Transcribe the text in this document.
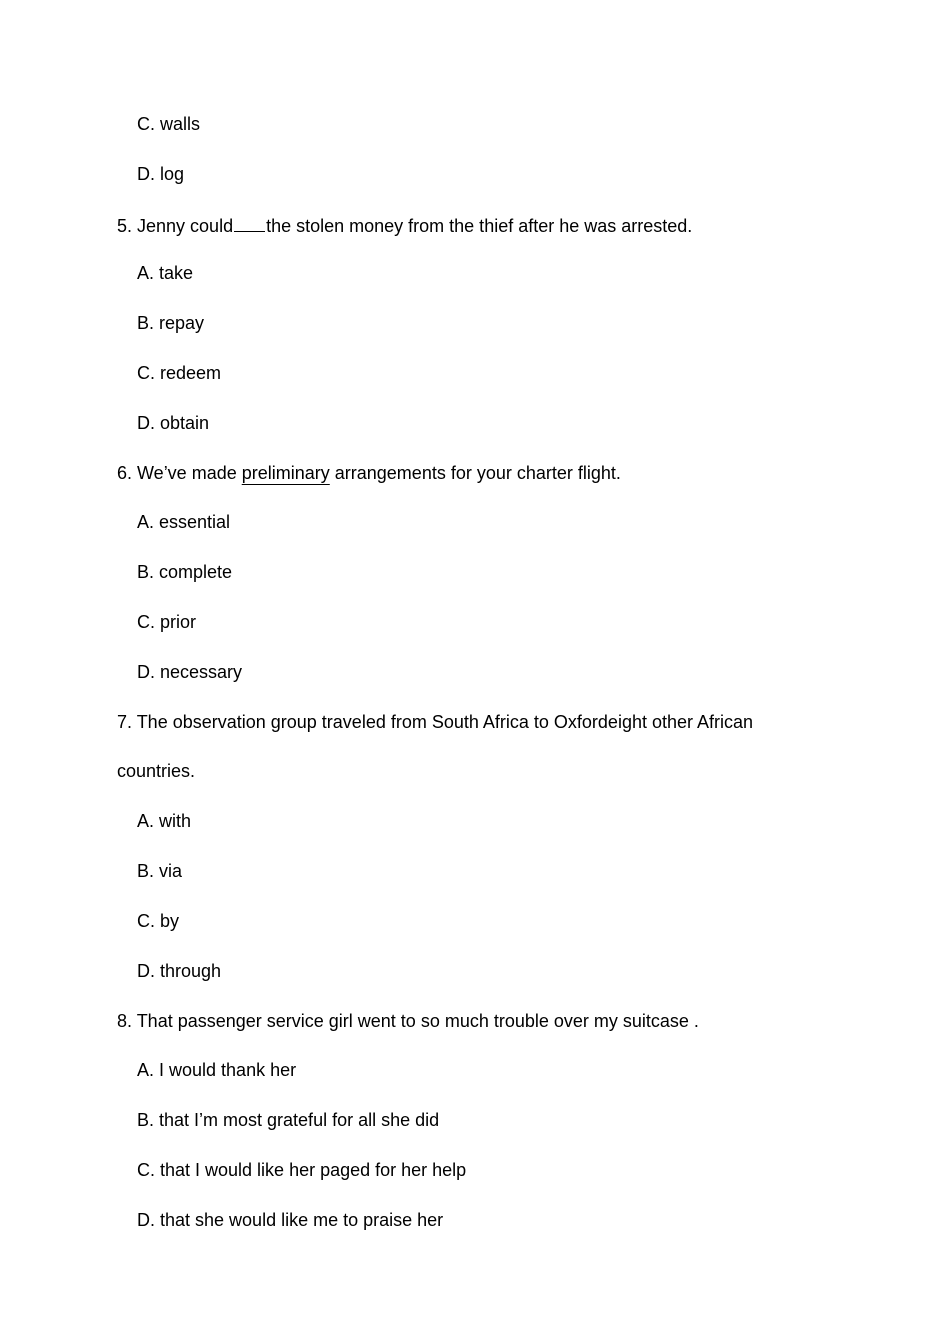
C. walls
D. log
5. Jenny could the stolen money from the thief after he was arrested.
A. take
B. repay
C. redeem
D. obtain
6. We’ve made preliminary arrangements for your charter flight.
A. essential
B. complete
C. prior
D. necessary
7. The observation group traveled from South Africa to Oxfordeight other African
countries.
A. with
B. via
C. by
D. through
8. That passenger service girl went to so much trouble over my suitcase .
A. I would thank her
B. that I’m most grateful for all she did
C. that I would like her paged for her help
D. that she would like me to praise her
